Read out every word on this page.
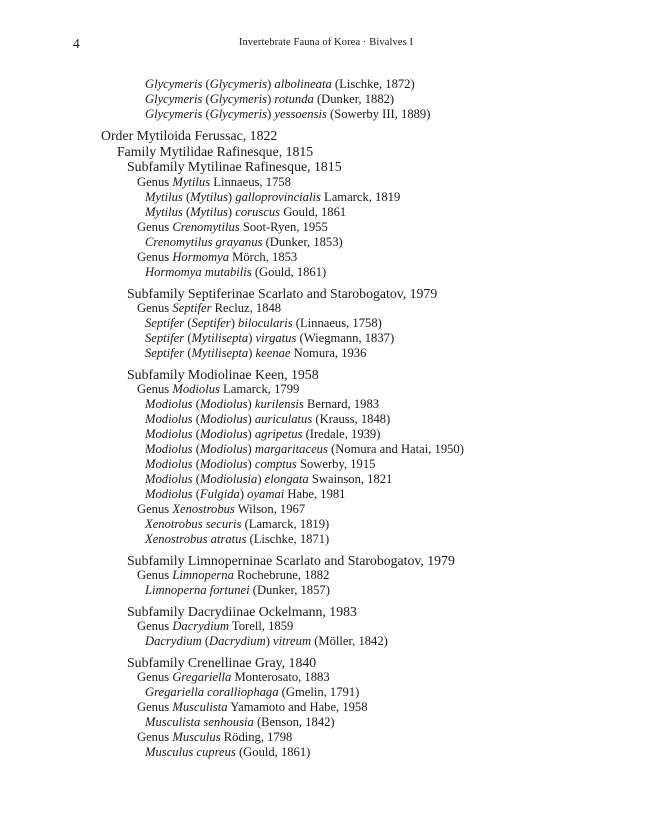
4	Invertebrate Fauna of Korea · Bivalves I
Glycymeris (Glycymeris) albolineata (Lischke, 1872)
Glycymeris (Glycymeris) rotunda (Dunker, 1882)
Glycymeris (Glycymeris) yessoensis (Sowerby III, 1889)
Order Mytiloida Ferussac, 1822
Family Mytilidae Rafinesque, 1815
Subfamily Mytilinae Rafinesque, 1815
Genus Mytilus Linnaeus, 1758
Mytilus (Mytilus) galloprovincialis Lamarck, 1819
Mytilus (Mytilus) coruscus Gould, 1861
Genus Crenomytilus Soot-Ryen, 1955
Crenomytilus grayanus (Dunker, 1853)
Genus Hormomya Mörch, 1853
Hormomya mutabilis (Gould, 1861)
Subfamily Septiferinae Scarlato and Starobogatov, 1979
Genus Septifer Recluz, 1848
Septifer (Septifer) bilocularis (Linnaeus, 1758)
Septifer (Mytilisepta) virgatus (Wiegmann, 1837)
Septifer (Mytilisepta) keenae Nomura, 1936
Subfamily Modiolinae Keen, 1958
Genus Modiolus Lamarck, 1799
Modiolus (Modiolus) kurilensis Bernard, 1983
Modiolus (Modiolus) auriculatus (Krauss, 1848)
Modiolus (Modiolus) agripetus (Iredale, 1939)
Modiolus (Modiolus) margaritaceus (Nomura and Hatai, 1950)
Modiolus (Modiolus) comptus Sowerby, 1915
Modiolus (Modiolusia) elongata Swainson, 1821
Modiolus (Fulgida) oyamai Habe, 1981
Genus Xenostrobus Wilson, 1967
Xenotrobus securis (Lamarck, 1819)
Xenostrobus atratus (Lischke, 1871)
Subfamily Limnoperninae Scarlato and Starobogatov, 1979
Genus Limnoperna Rochebrune, 1882
Limnoperna fortunei (Dunker, 1857)
Subfamily Dacrydiinae Ockelmann, 1983
Genus Dacrydium Torell, 1859
Dacrydium (Dacrydium) vitreum (Möller, 1842)
Subfamily Crenellinae Gray, 1840
Genus Gregariella Monterosato, 1883
Gregariella coralliophaga (Gmelin, 1791)
Genus Musculista Yamamoto and Habe, 1958
Musculista senhousia (Benson, 1842)
Genus Musculus Röding, 1798
Musculus cupreus (Gould, 1861)
